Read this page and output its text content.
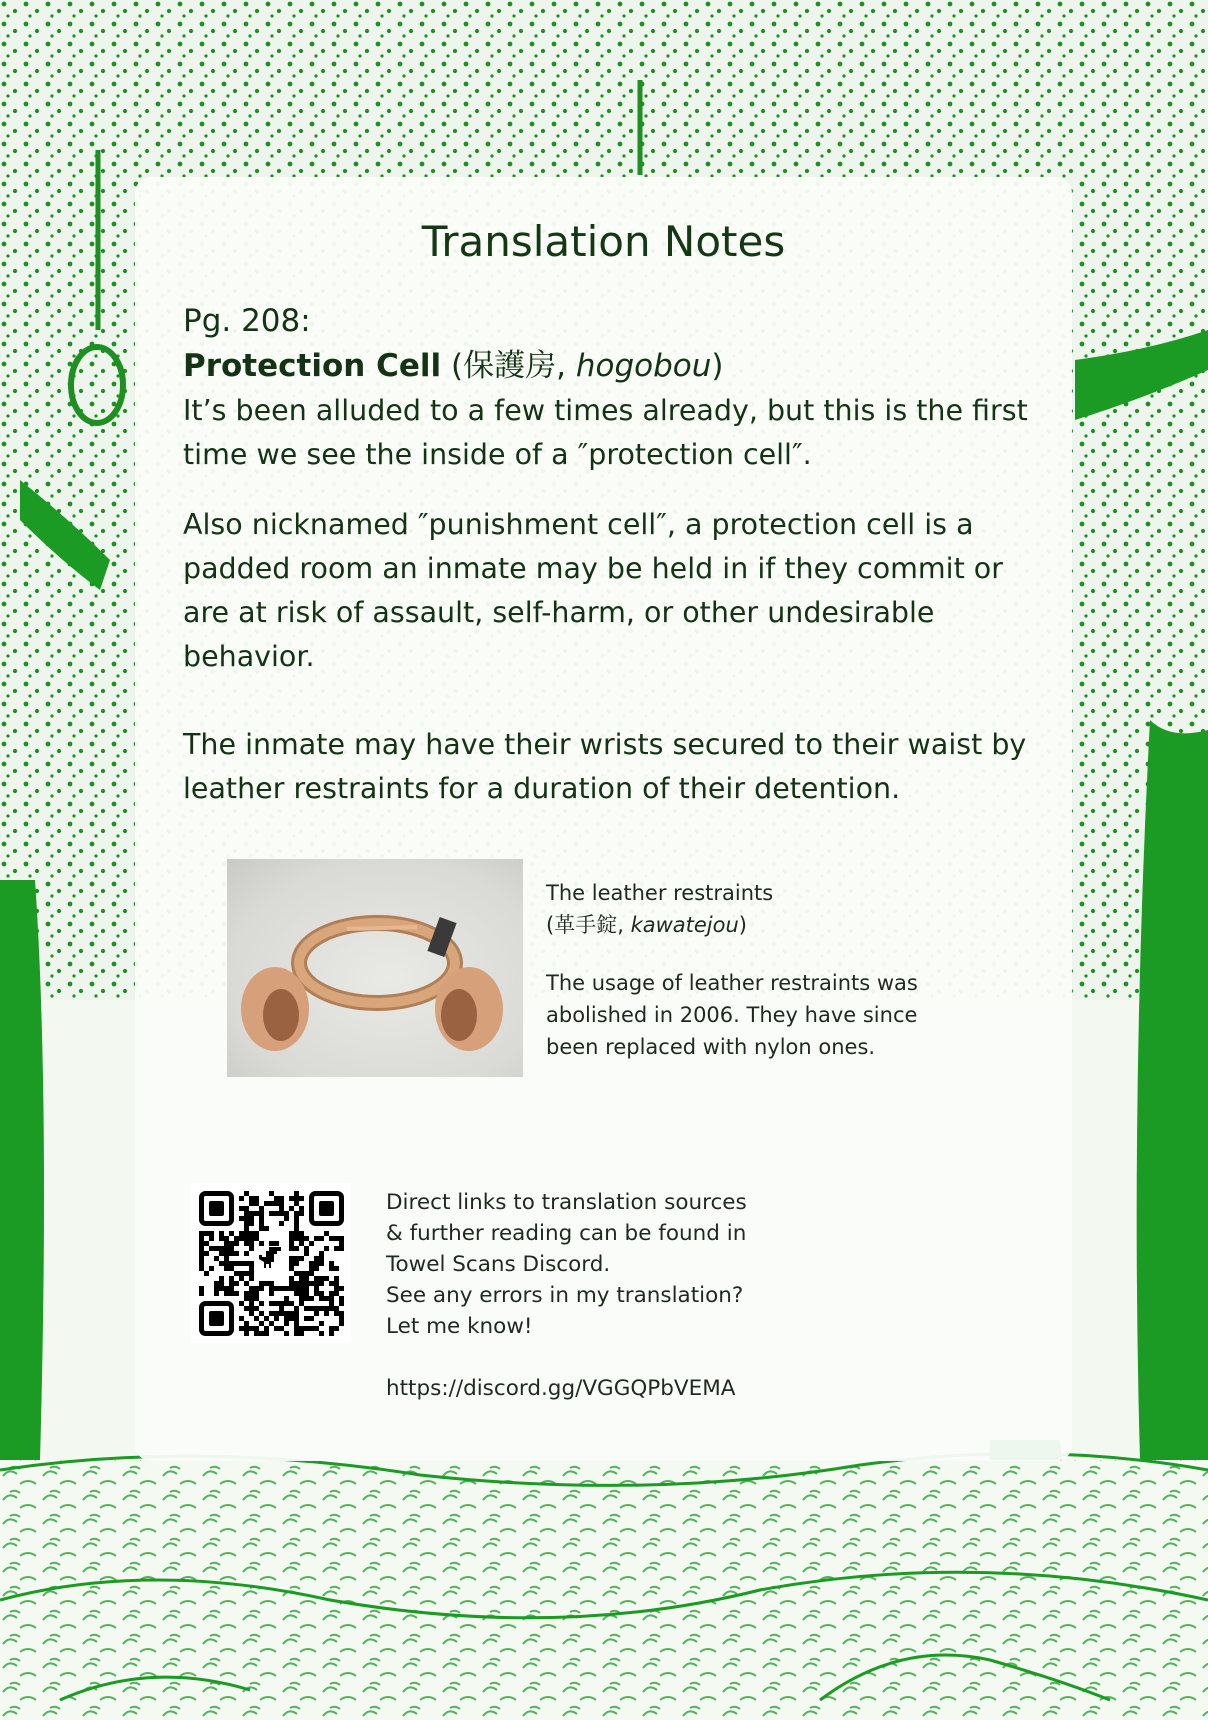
Translation Notes
Pg. 208:
Protection Cell (保護房, hogobou)

It’s been alluded to a few times already, but this is the first time we see the inside of a ″protection cell″.

Also nicknamed ″punishment cell″, a protection cell is a padded room an inmate may be held in if they commit or are at risk of assault, self-harm, or other undesirable behavior.

The inmate may have their wrists secured to their waist by leather restraints for a duration of their detention.

The leather restraints
(革手錠, kawatejou)
The usage of leather restraints was abolished in 2006. They have since been replaced with nylon ones.
Direct links to translation sources
& further reading can be found in
Towel Scans Discord.
See any errors in my translation?
Let me know!
https://discord.gg/VGGQPbVEMA
